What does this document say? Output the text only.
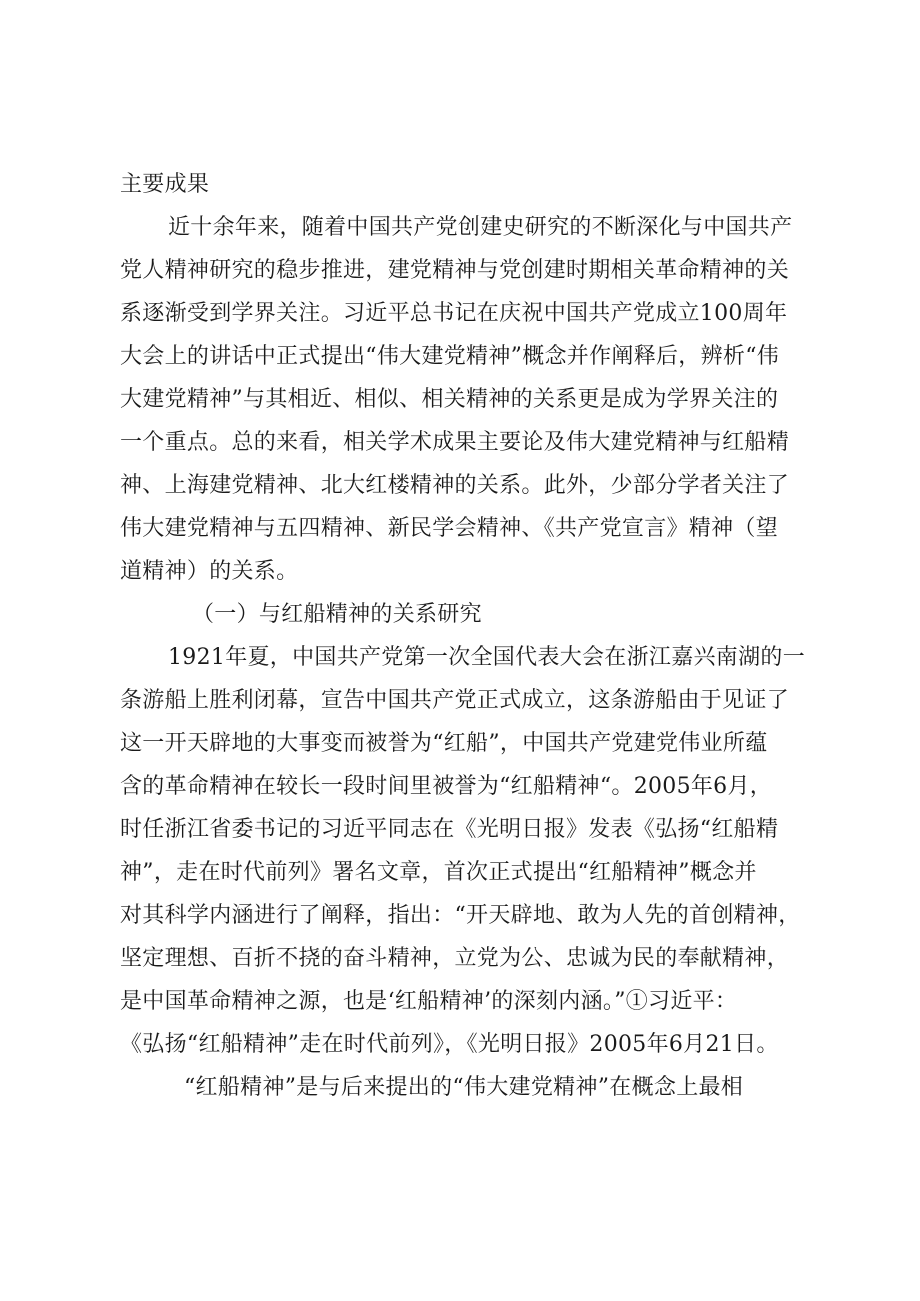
主要成果
近十余年来，随着中国共产党创建史研究的不断深化与中国共产
党人精神研究的稳步推进，建党精神与党创建时期相关革命精神的关
系逐渐受到学界关注。习近平总书记在庆祝中国共产党成立100周年
大会上的讲话中正式提出“伟大建党精神”概念并作阐释后，辨析“伟
大建党精神”与其相近、相似、相关精神的关系更是成为学界关注的
一个重点。总的来看，相关学术成果主要论及伟大建党精神与红船精
神、上海建党精神、北大红楼精神的关系。此外，少部分学者关注了
伟大建党精神与五四精神、新民学会精神、《共产党宣言》精神（望
道精神）的关系。
（一）与红船精神的关系研究
1921年夏，中国共产党第一次全国代表大会在浙江嘉兴南湖的一
条游船上胜利闭幕，宣告中国共产党正式成立，这条游船由于见证了
这一开天辟地的大事变而被誉为“红船”，中国共产党建党伟业所蕴
含的革命精神在较长一段时间里被誉为“红船精神“。2005年6月，
时任浙江省委书记的习近平同志在《光明日报》发表《弘扬“红船精
神”，走在时代前列》署名文章，首次正式提出“红船精神”概念并
对其科学内涵进行了阐释，指出：“开天辟地、敢为人先的首创精神，
坚定理想、百折不挠的奋斗精神，立党为公、忠诚为民的奉献精神，
是中国革命精神之源，也是‘红船精神’的深刻内涵。”①习近平：
《弘扬“红船精神”走在时代前列》，《光明日报》2005年6月21日。
“红船精神”是与后来提出的“伟大建党精神”在概念上最相
